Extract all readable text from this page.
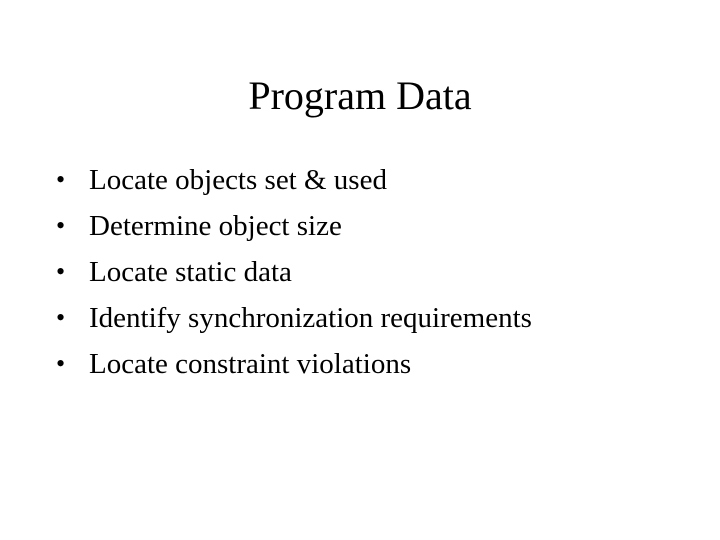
Program Data
• Locate objects set & used
• Determine object size
• Locate static data
• Identify synchronization requirements
• Locate constraint violations
